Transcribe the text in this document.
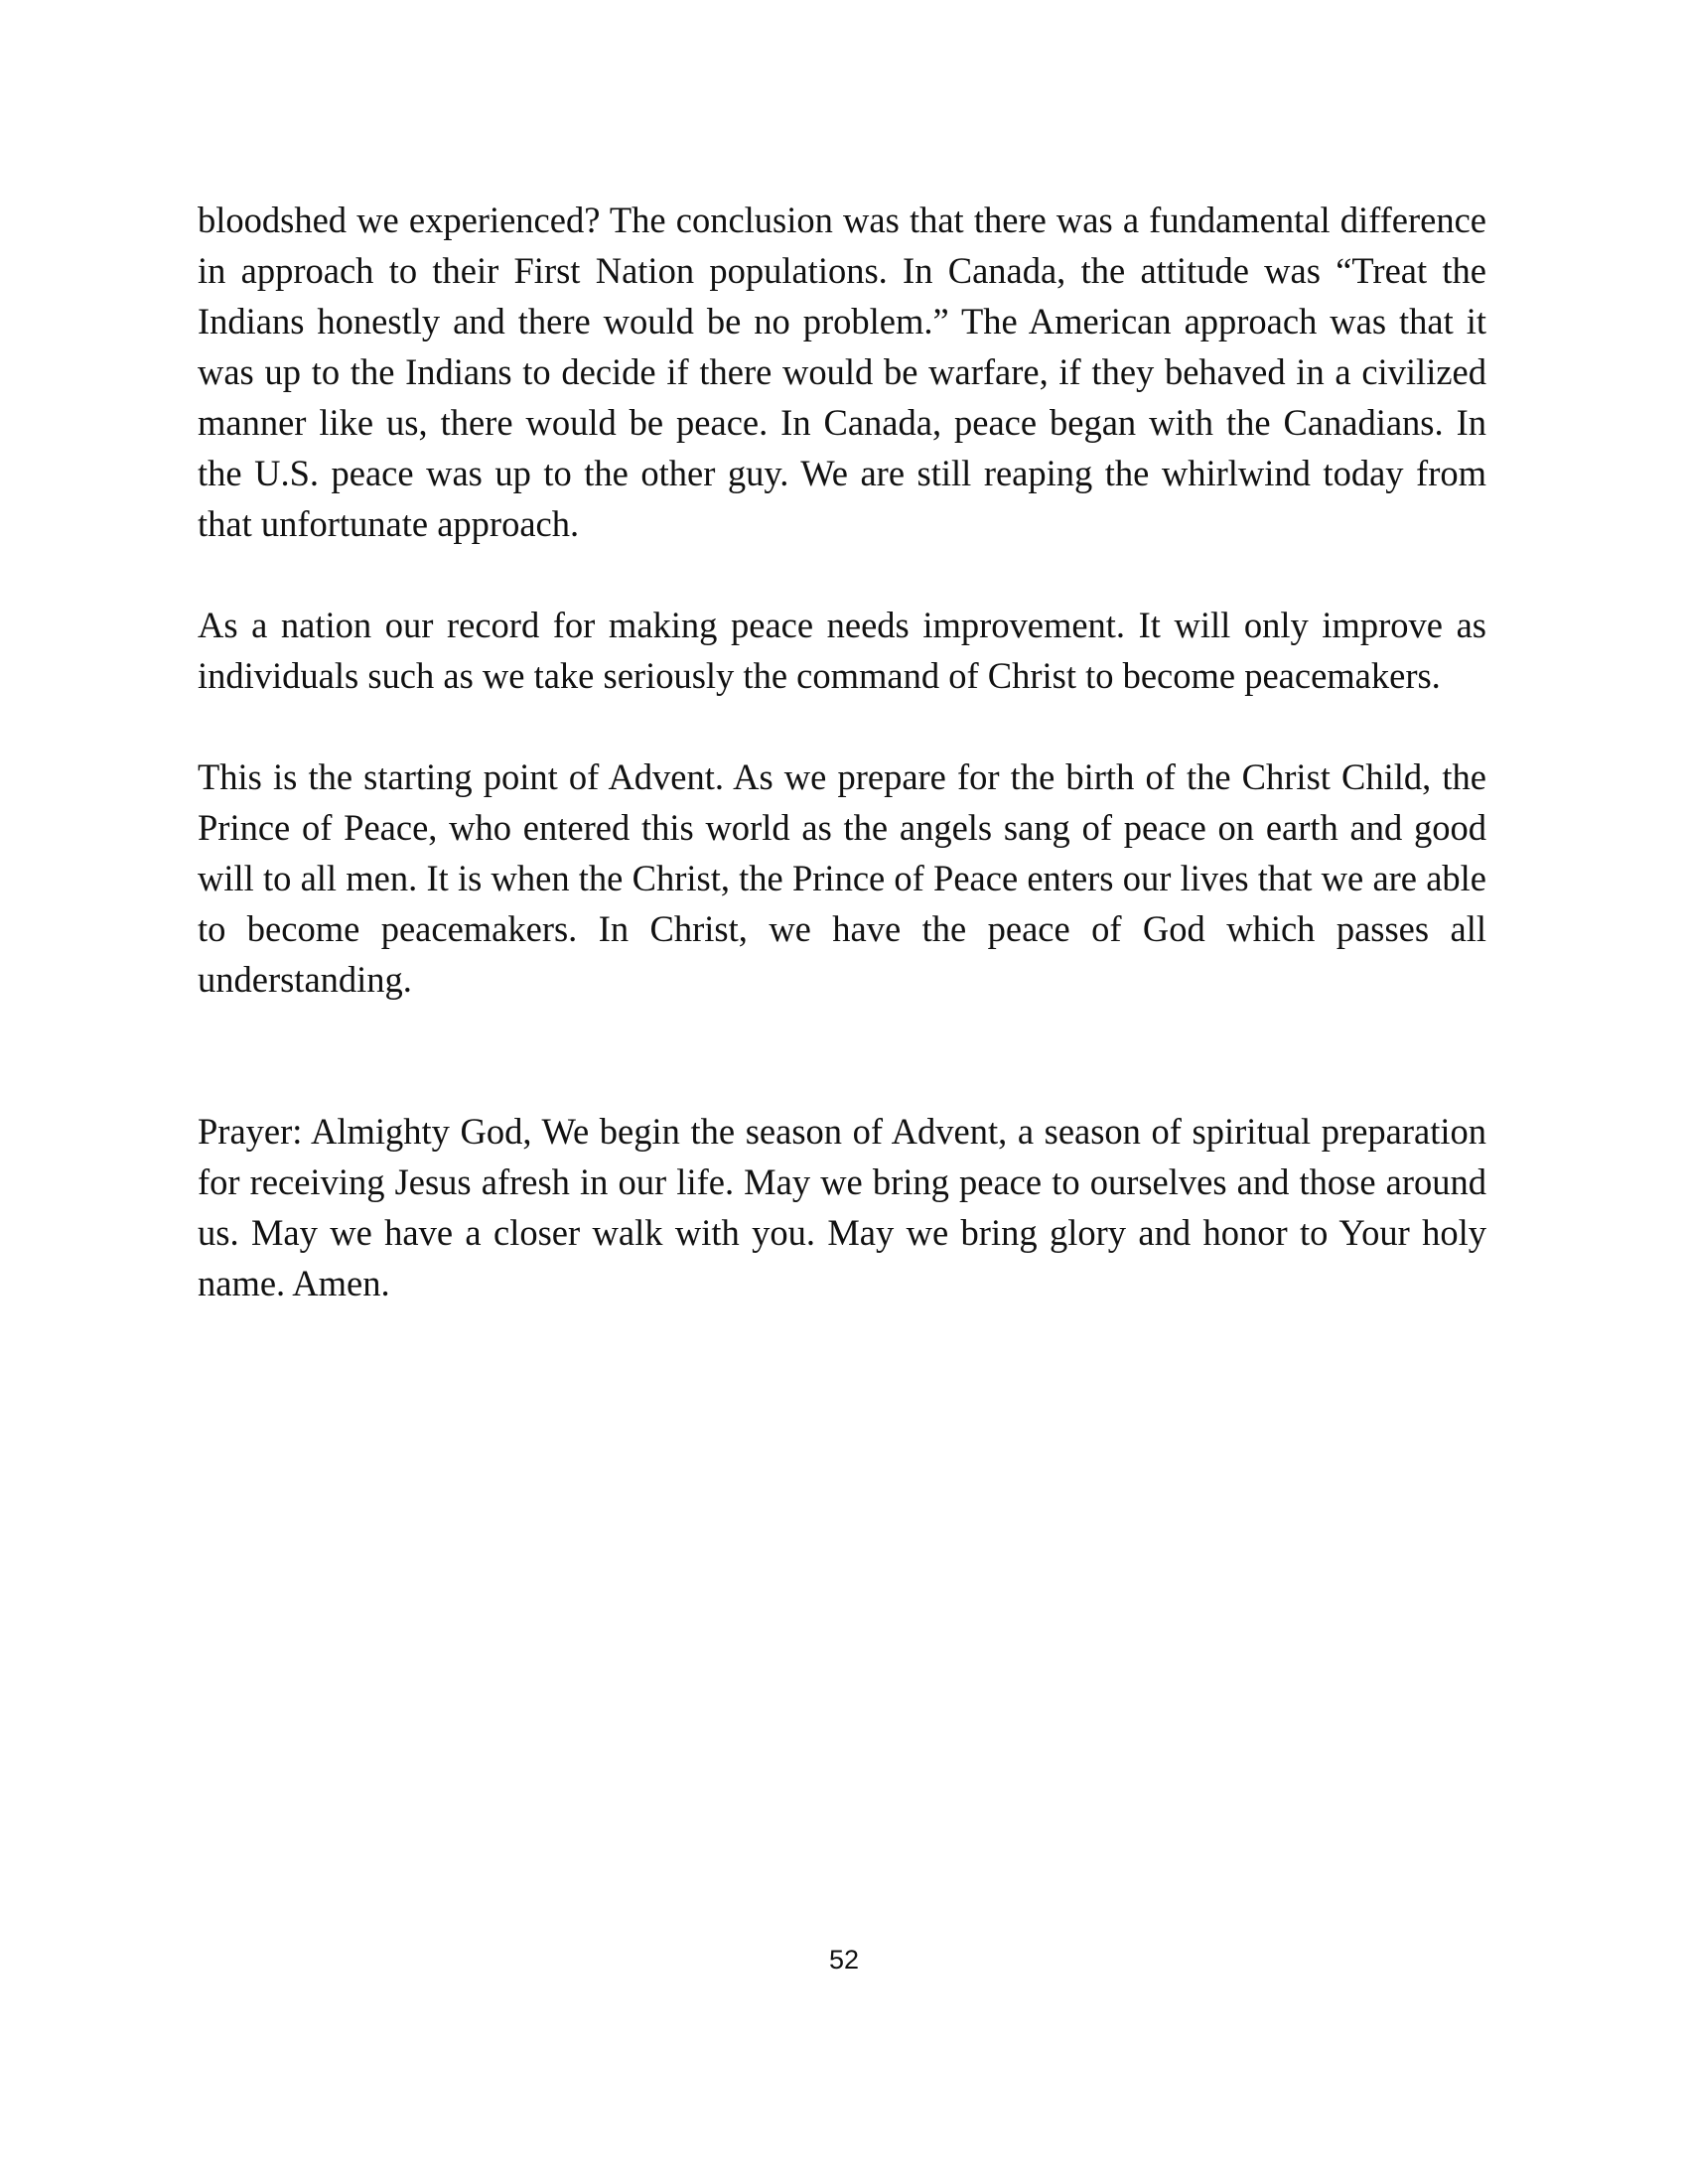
bloodshed we experienced? The conclusion was that there was a fundamental difference in approach to their First Nation populations. In Canada, the attitude was “Treat the Indians honestly and there would be no problem.” The American approach was that it was up to the Indians to decide if there would be warfare, if they behaved in a civilized manner like us, there would be peace. In Canada, peace began with the Canadians. In the U.S. peace was up to the other guy. We are still reaping the whirlwind today from that unfortunate approach.

As a nation our record for making peace needs improvement. It will only improve as individuals such as we take seriously the command of Christ to become peacemakers.

This is the starting point of Advent. As we prepare for the birth of the Christ Child, the Prince of Peace, who entered this world as the angels sang of peace on earth and good will to all men. It is when the Christ, the Prince of Peace enters our lives that we are able to become peacemakers. In Christ, we have the peace of God which passes all understanding.

Prayer: Almighty God, We begin the season of Advent, a season of spiritual preparation for receiving Jesus afresh in our life. May we bring peace to ourselves and those around us. May we have a closer walk with you. May we bring glory and honor to Your holy name. Amen.

52
